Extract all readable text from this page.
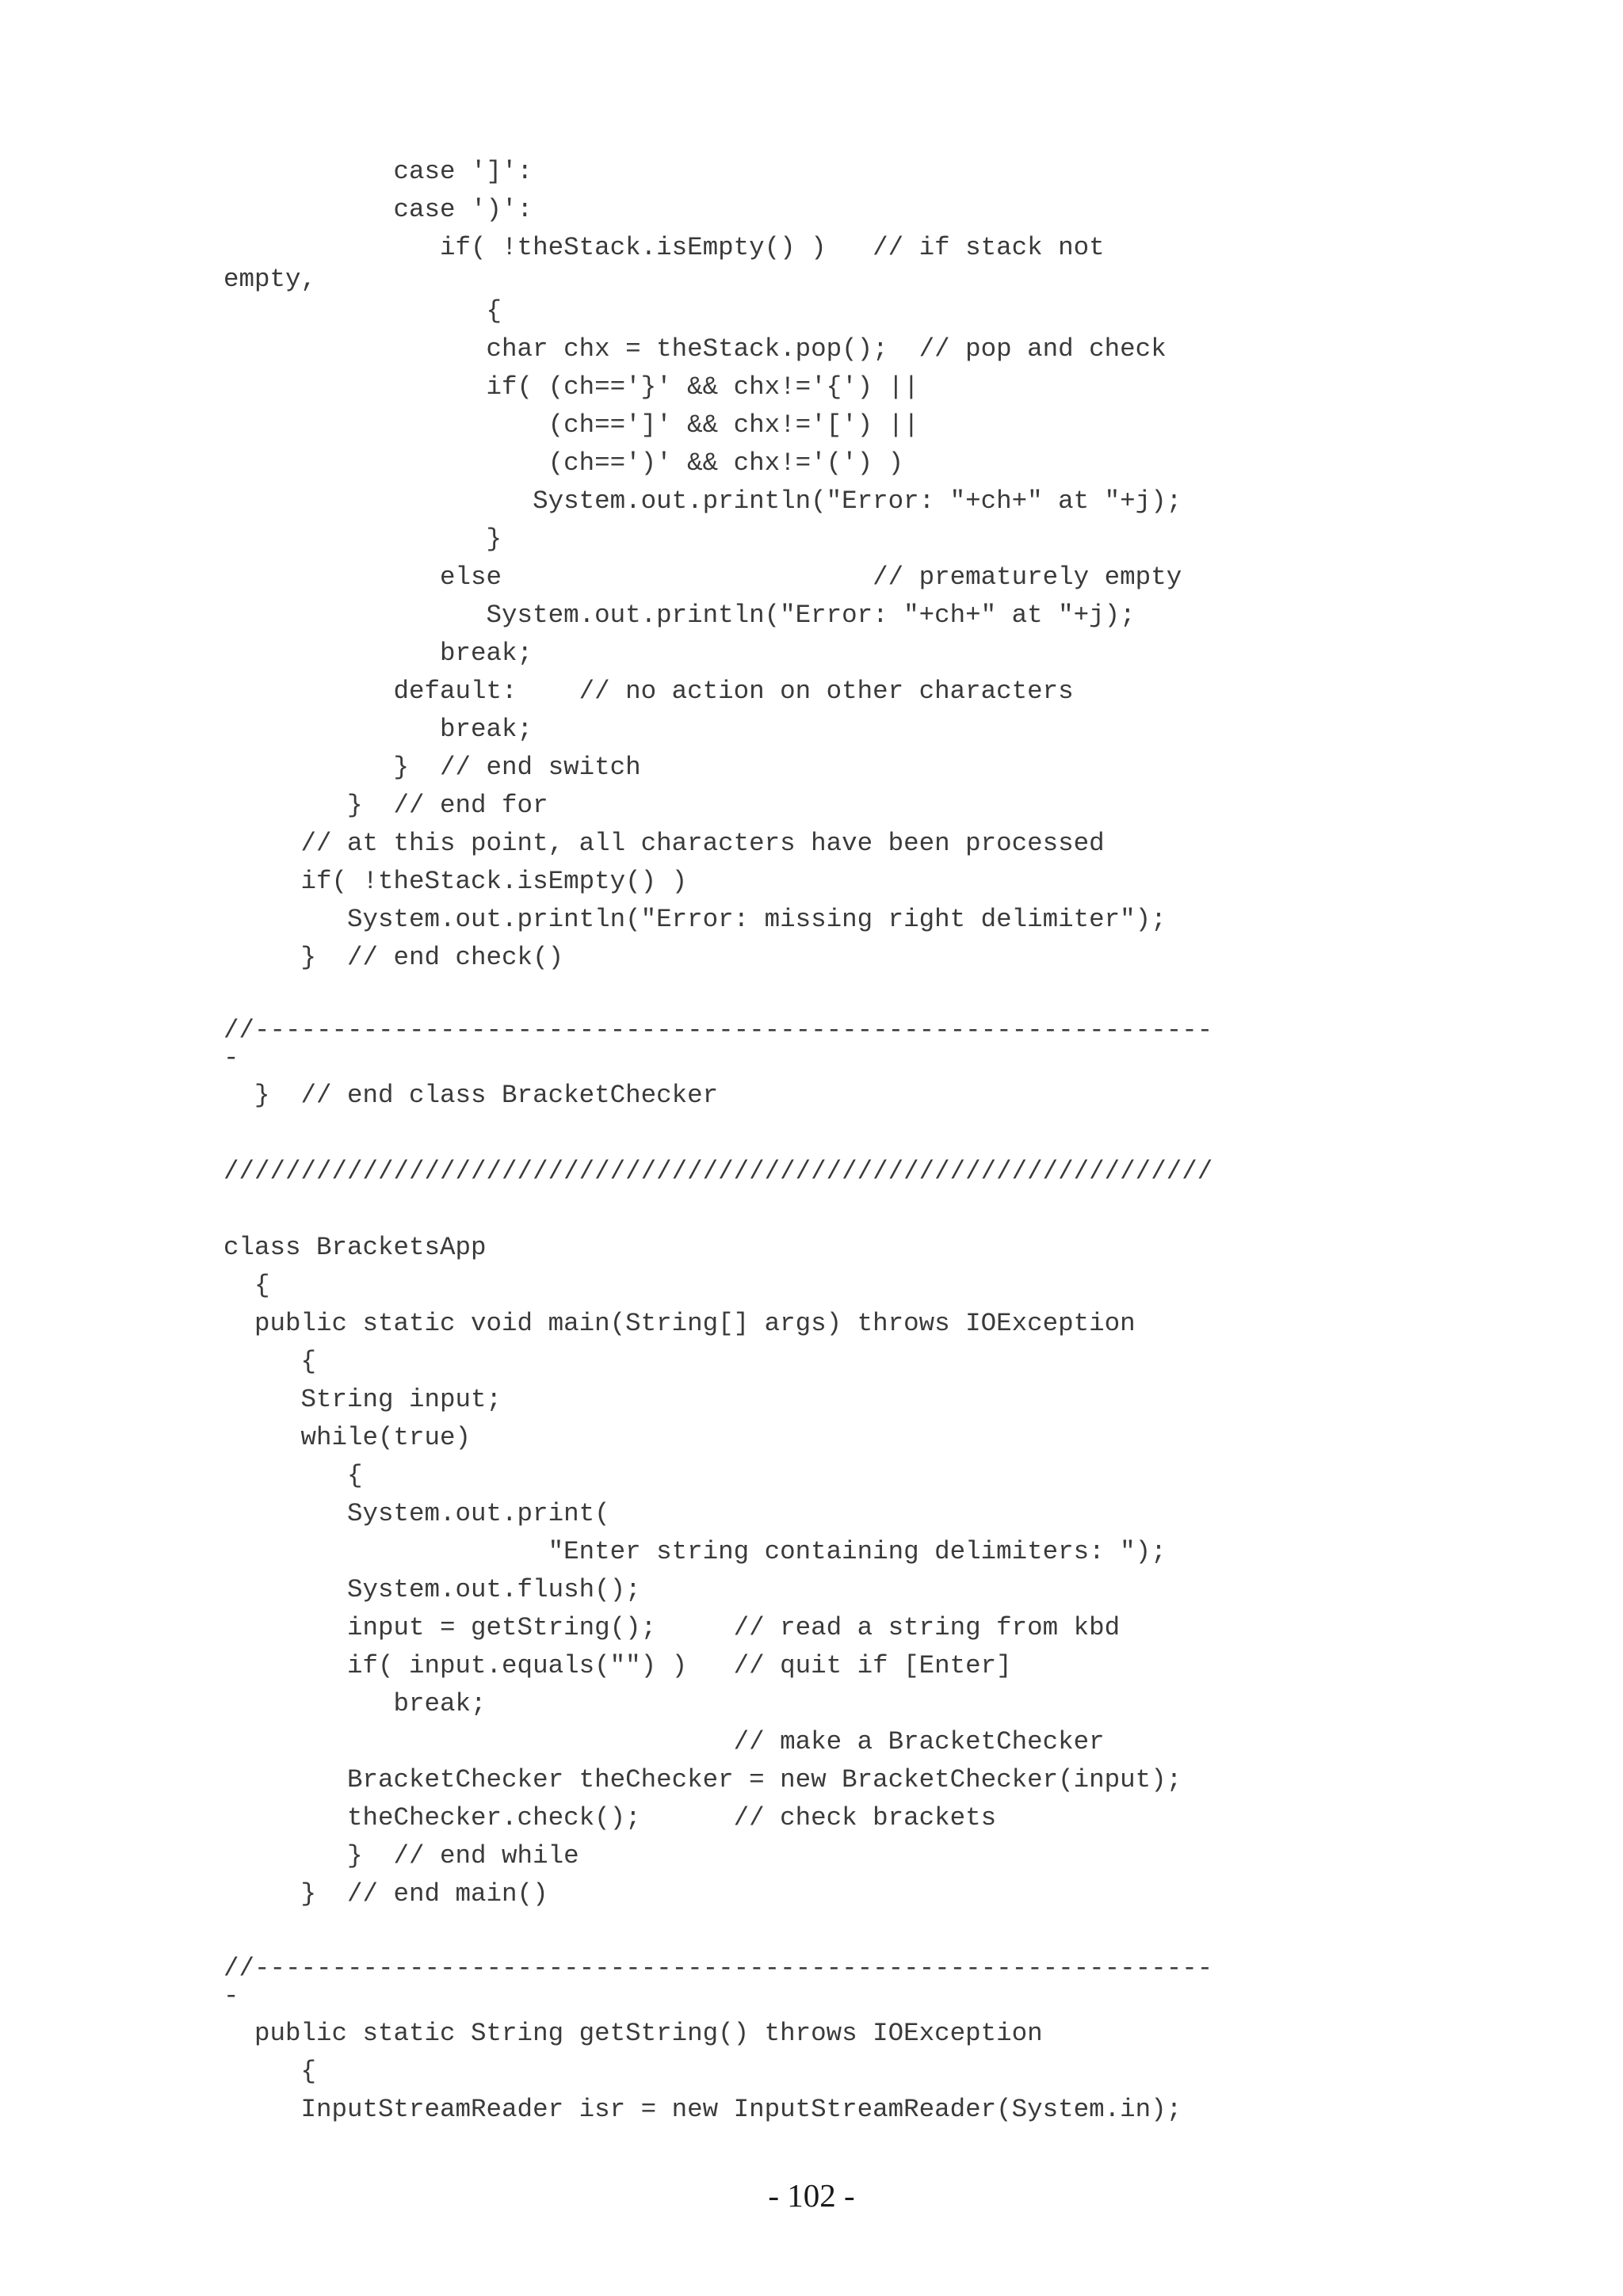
case ']':
case ')':
if( !theStack.isEmpty() )   // if stack not
empty,
{
char chx = theStack.pop();  // pop and check
if( (ch=='}' && chx!='{') ||
(ch==']' && chx!='[') ||
(ch==')' && chx!='(') )
System.out.println("Error: "+ch+" at "+j);
}
else                        // prematurely empty
System.out.println("Error: "+ch+" at "+j);
break;
default:    // no action on other characters
break;
}  // end switch
}  // end for
// at this point, all characters have been processed
if( !theStack.isEmpty() )
System.out.println("Error: missing right delimiter");
}  // end check()
//--------------------------------------------------------------
-
}  // end class BracketChecker
////////////////////////////////////////////////////////////////
class BracketsApp
{
public static void main(String[] args) throws IOException
{
String input;
while(true)
{
System.out.print(
"Enter string containing delimiters: ");
System.out.flush();
input = getString();     // read a string from kbd
if( input.equals("") )   // quit if [Enter]
break;
// make a BracketChecker
BracketChecker theChecker = new BracketChecker(input);
theChecker.check();      // check brackets
}  // end while
}  // end main()
//--------------------------------------------------------------
-
public static String getString() throws IOException
{
InputStreamReader isr = new InputStreamReader(System.in);
- 102 -
